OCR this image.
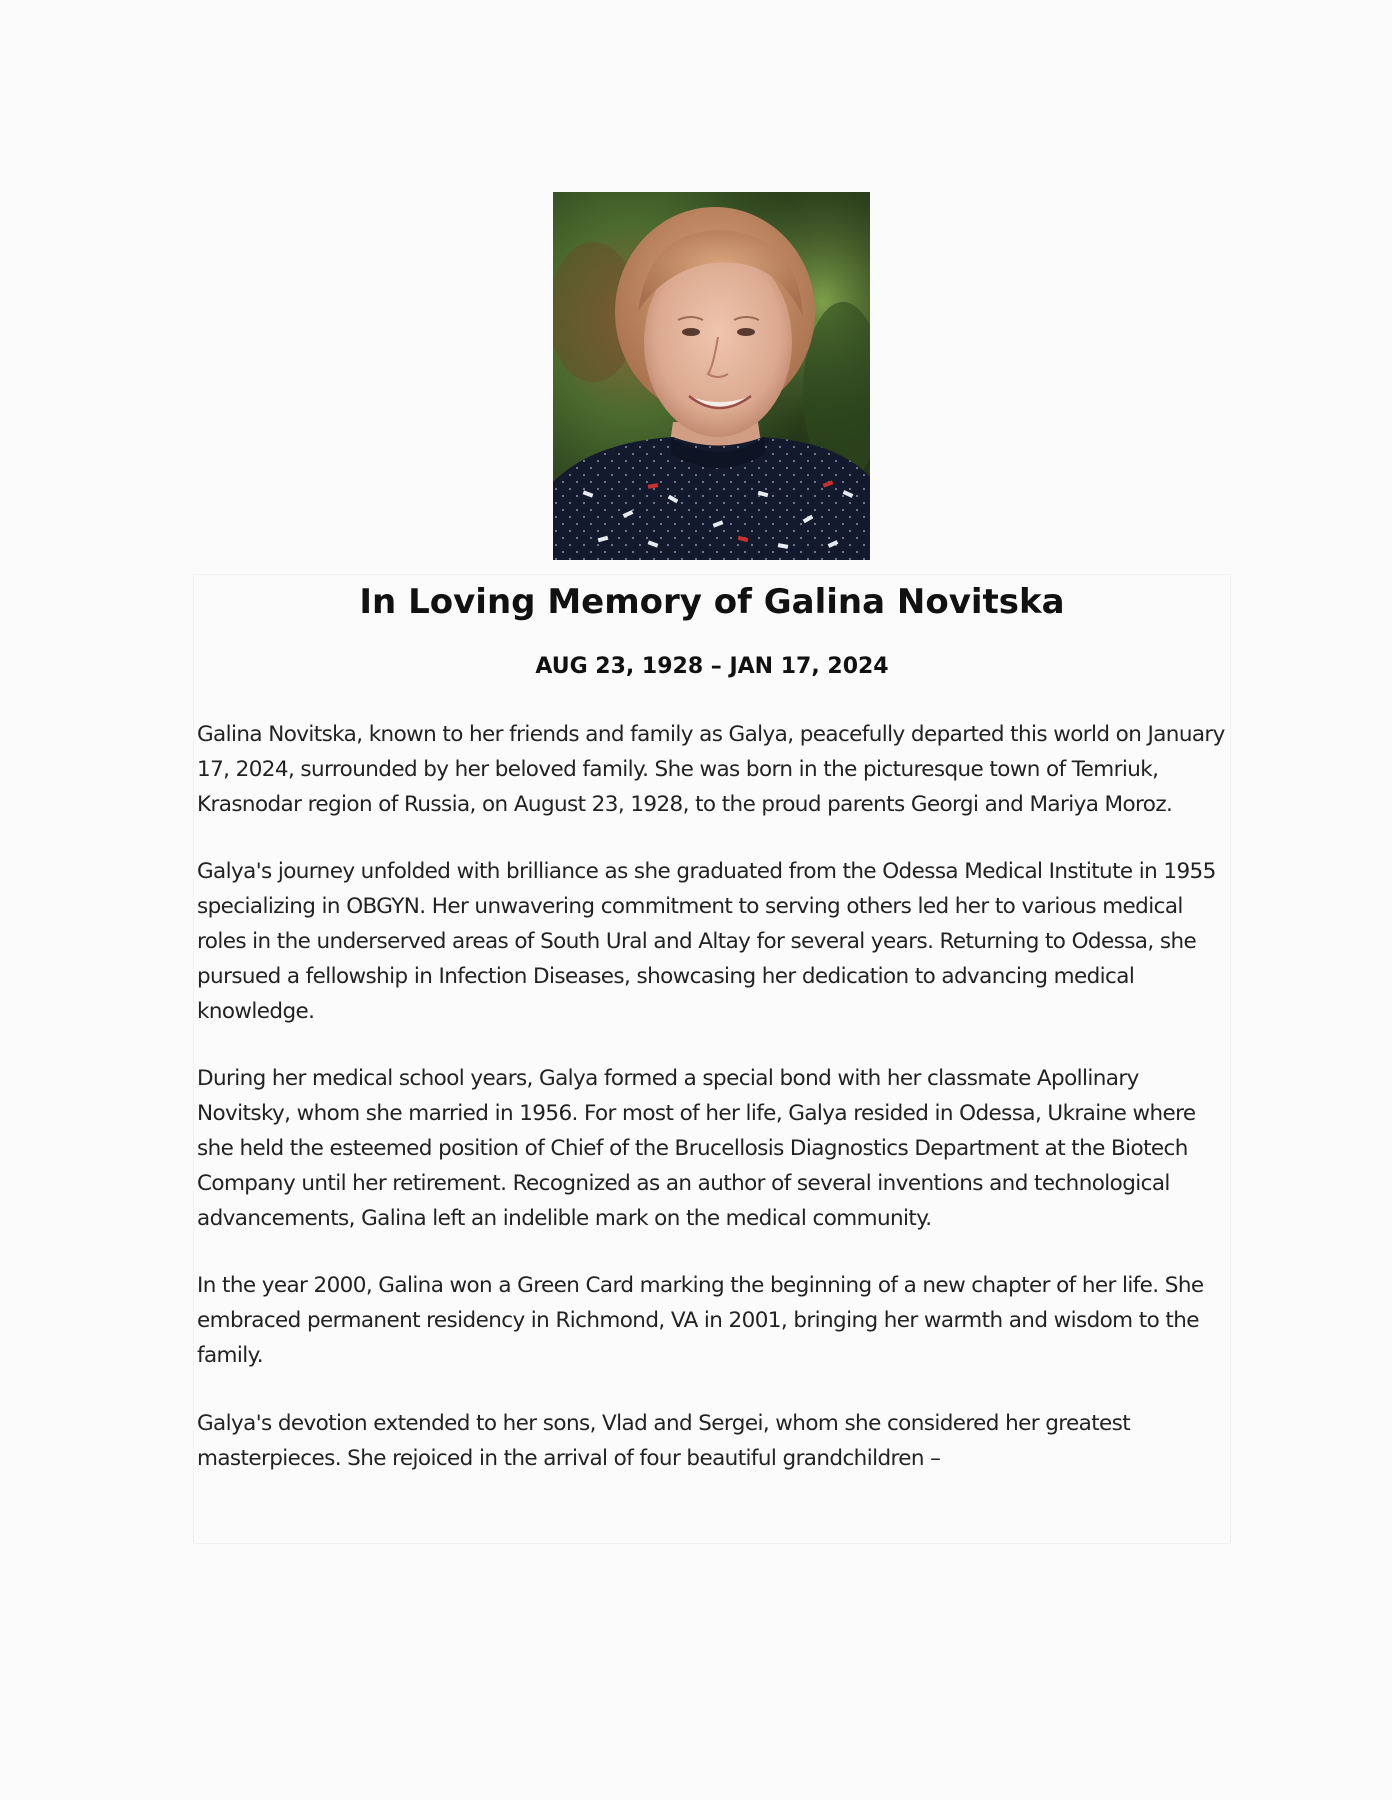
In Loving Memory of Galina Novitska
AUG 23, 1928 – JAN 17, 2024

Galina Novitska, known to her friends and family as Galya, peacefully departed this world on January 17, 2024, surrounded by her beloved family. She was born in the picturesque town of Temriuk, Krasnodar region of Russia, on August 23, 1928, to the proud parents Georgi and Mariya Moroz.

Galya's journey unfolded with brilliance as she graduated from the Odessa Medical Institute in 1955 specializing in OBGYN. Her unwavering commitment to serving others led her to various medical roles in the underserved areas of South Ural and Altay for several years. Returning to Odessa, she pursued a fellowship in Infection Diseases, showcasing her dedication to advancing medical knowledge.

During her medical school years, Galya formed a special bond with her classmate Apollinary Novitsky, whom she married in 1956. For most of her life, Galya resided in Odessa, Ukraine where she held the esteemed position of Chief of the Brucellosis Diagnostics Department at the Biotech Company until her retirement. Recognized as an author of several inventions and technological advancements, Galina left an indelible mark on the medical community.

In the year 2000, Galina won a Green Card marking the beginning of a new chapter of her life. She embraced permanent residency in Richmond, VA in 2001, bringing her warmth and wisdom to the family.

Galya's devotion extended to her sons, Vlad and Sergei, whom she considered her greatest masterpieces. She rejoiced in the arrival of four beautiful grandchildren –
